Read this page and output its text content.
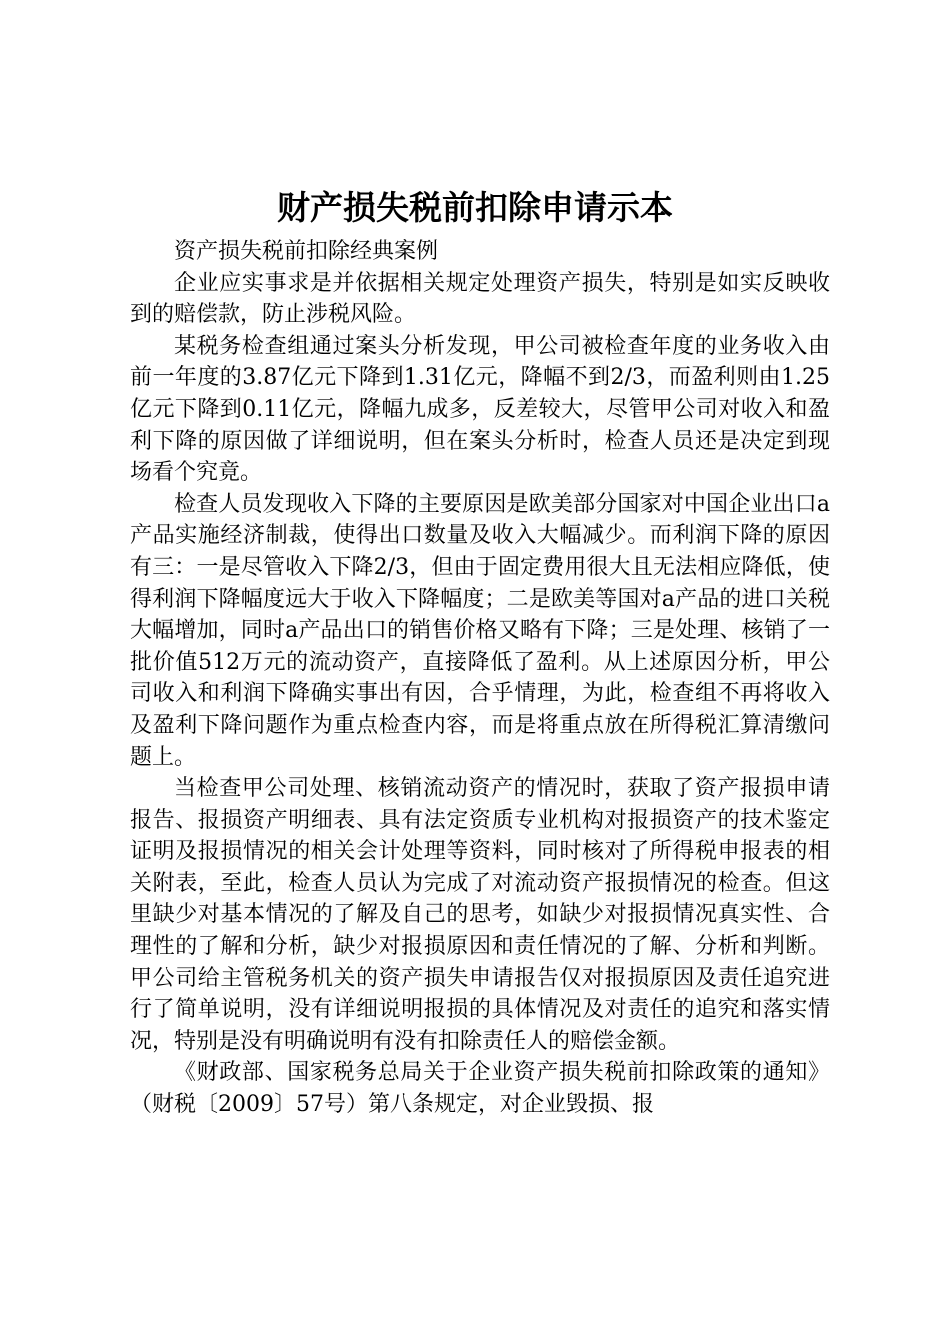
财产损失税前扣除申请示本

资产损失税前扣除经典案例

企业应实事求是并依据相关规定处理资产损失，特别是如实反映收到的赔偿款，防止涉税风险。

某税务检查组通过案头分析发现，甲公司被检查年度的业务收入由前一年度的3.87亿元下降到1.31亿元，降幅不到2/3，而盈利则由1.25亿元下降到0.11亿元，降幅九成多，反差较大，尽管甲公司对收入和盈利下降的原因做了详细说明，但在案头分析时，检查人员还是决定到现场看个究竟。

检查人员发现收入下降的主要原因是欧美部分国家对中国企业出口a产品实施经济制裁，使得出口数量及收入大幅减少。而利润下降的原因有三：一是尽管收入下降2/3，但由于固定费用很大且无法相应降低，使得利润下降幅度远大于收入下降幅度；二是欧美等国对a产品的进口关税大幅增加，同时a产品出口的销售价格又略有下降；三是处理、核销了一批价值512万元的流动资产，直接降低了盈利。从上述原因分析，甲公司收入和利润下降确实事出有因，合乎情理，为此，检查组不再将收入及盈利下降问题作为重点检查内容，而是将重点放在所得税汇算清缴问题上。

当检查甲公司处理、核销流动资产的情况时，获取了资产报损申请报告、报损资产明细表、具有法定资质专业机构对报损资产的技术鉴定证明及报损情况的相关会计处理等资料，同时核对了所得税申报表的相关附表，至此，检查人员认为完成了对流动资产报损情况的检查。但这里缺少对基本情况的了解及自己的思考，如缺少对报损情况真实性、合理性的了解和分析，缺少对报损原因和责任情况的了解、分析和判断。甲公司给主管税务机关的资产损失申请报告仅对报损原因及责任追究进行了简单说明，没有详细说明报损的具体情况及对责任的追究和落实情况，特别是没有明确说明有没有扣除责任人的赔偿金额。

《财政部、国家税务总局关于企业资产损失税前扣除政策的通知》（财税〔2009〕57号）第八条规定，对企业毁损、报
